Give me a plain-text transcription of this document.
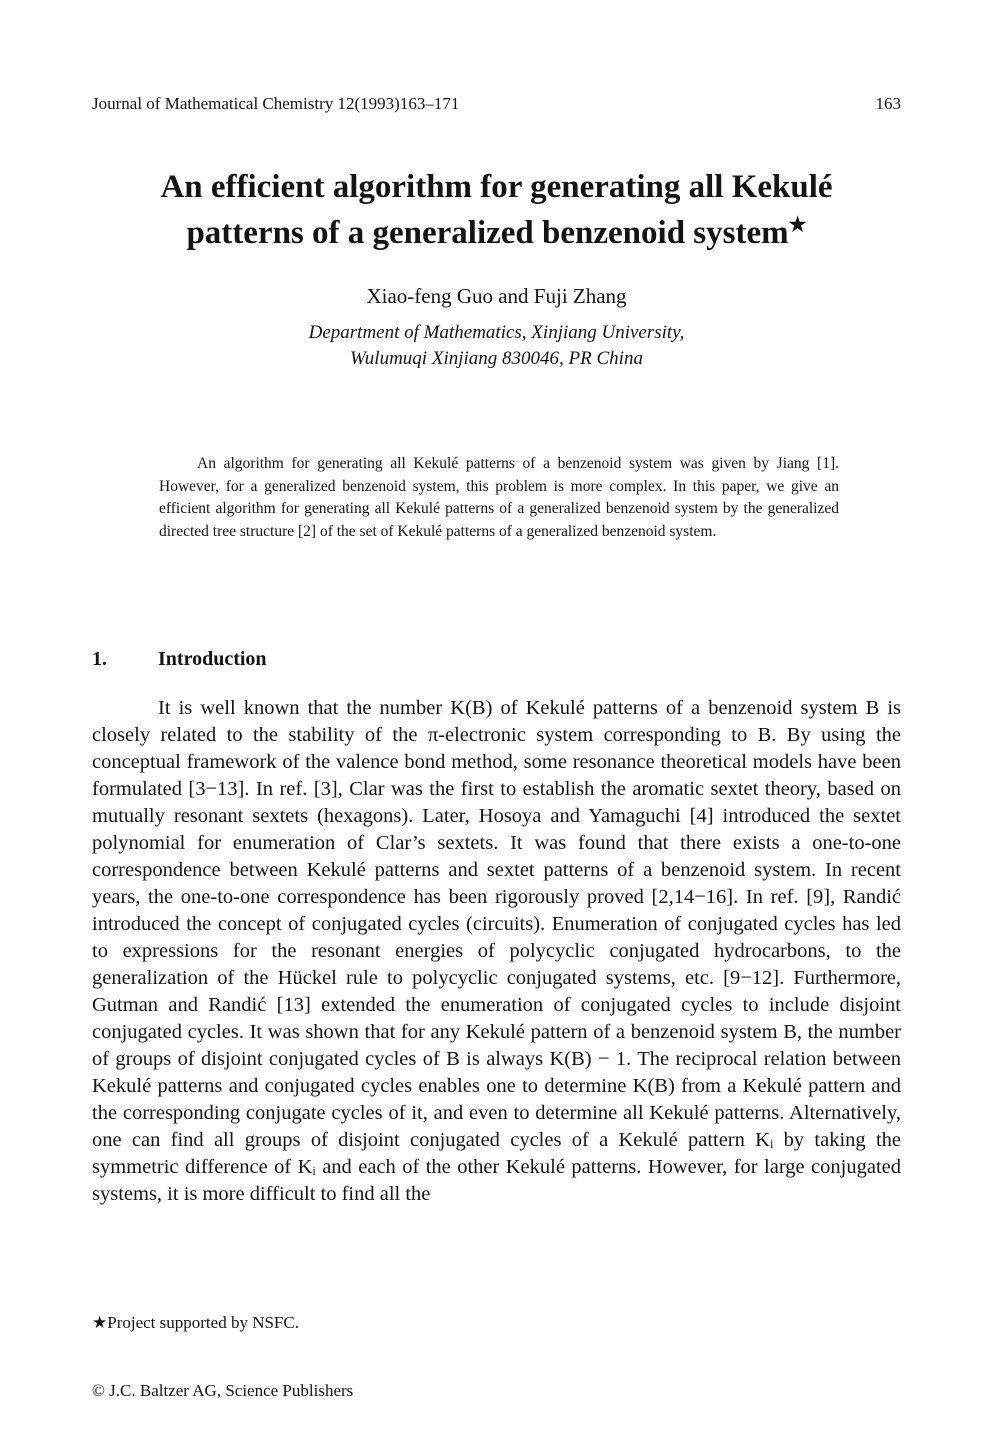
Journal of Mathematical Chemistry 12(1993)163–171	163
An efficient algorithm for generating all Kekulé
patterns of a generalized benzenoid system★
Xiao-feng Guo and Fuji Zhang
Department of Mathematics, Xinjiang University,
Wulumuqi Xinjiang 830046, PR China
An algorithm for generating all Kekulé patterns of a benzenoid system was given by Jiang [1]. However, for a generalized benzenoid system, this problem is more complex. In this paper, we give an efficient algorithm for generating all Kekulé patterns of a generalized benzenoid system by the generalized directed tree structure [2] of the set of Kekulé patterns of a generalized benzenoid system.
1.	Introduction
It is well known that the number K(B) of Kekulé patterns of a benzenoid system B is closely related to the stability of the π-electronic system corresponding to B. By using the conceptual framework of the valence bond method, some resonance theoretical models have been formulated [3−13]. In ref. [3], Clar was the first to establish the aromatic sextet theory, based on mutually resonant sextets (hexagons). Later, Hosoya and Yamaguchi [4] introduced the sextet polynomial for enumeration of Clar’s sextets. It was found that there exists a one-to-one correspondence between Kekulé patterns and sextet patterns of a benzenoid system. In recent years, the one-to-one correspondence has been rigorously proved [2,14−16]. In ref. [9], Randić introduced the concept of conjugated cycles (circuits). Enumeration of conjugated cycles has led to expressions for the resonant energies of polycyclic conjugated hydrocarbons, to the generalization of the Hückel rule to polycyclic conjugated systems, etc. [9−12]. Furthermore, Gutman and Randić [13] extended the enumeration of conjugated cycles to include disjoint conjugated cycles. It was shown that for any Kekulé pattern of a benzenoid system B, the number of groups of disjoint conjugated cycles of B is always K(B) − 1. The reciprocal relation between Kekulé patterns and conjugated cycles enables one to determine K(B) from a Kekulé pattern and the corresponding conjugate cycles of it, and even to determine all Kekulé patterns. Alternatively, one can find all groups of disjoint conjugated cycles of a Kekulé pattern Kᵢ by taking the symmetric difference of Kᵢ and each of the other Kekulé patterns. However, for large conjugated systems, it is more difficult to find all the
★Project supported by NSFC.
© J.C. Baltzer AG, Science Publishers
